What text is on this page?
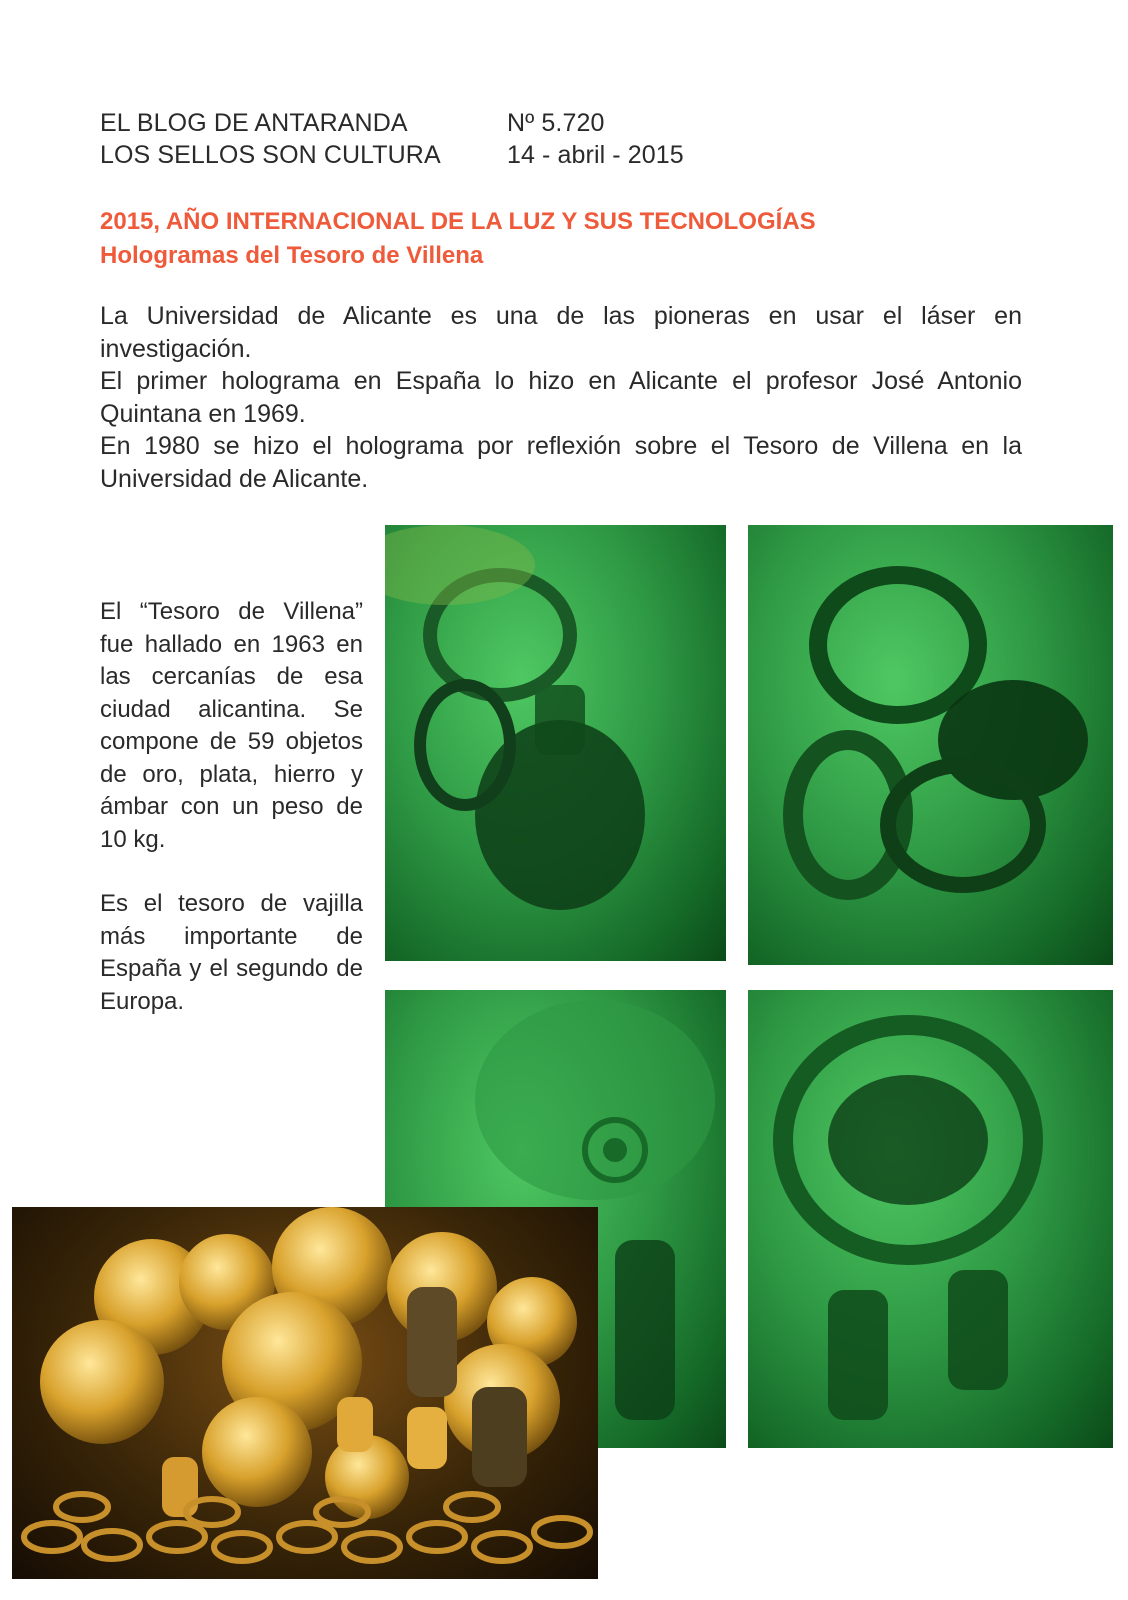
EL BLOG DE ANTARANDA
LOS SELLOS SON CULTURA
Nº 5.720
14 - abril - 2015
2015, AÑO INTERNACIONAL DE LA LUZ Y SUS TECNOLOGÍAS
Hologramas del Tesoro de Villena
La Universidad de Alicante es una de las pioneras en usar el láser en investigación.
El primer holograma en España lo hizo en Alicante el profesor José Antonio Quintana en 1969.
En 1980 se hizo el holograma por reflexión sobre el Tesoro de Villena en la Universidad de Alicante.

El “Tesoro de Villena” fue hallado en 1963 en las cercanías de esa ciudad alicantina. Se compone de 59 objetos de oro, plata, hierro y ámbar con un peso de 10 kg.

Es el tesoro de vajilla más importante de España y el segundo de Europa.
